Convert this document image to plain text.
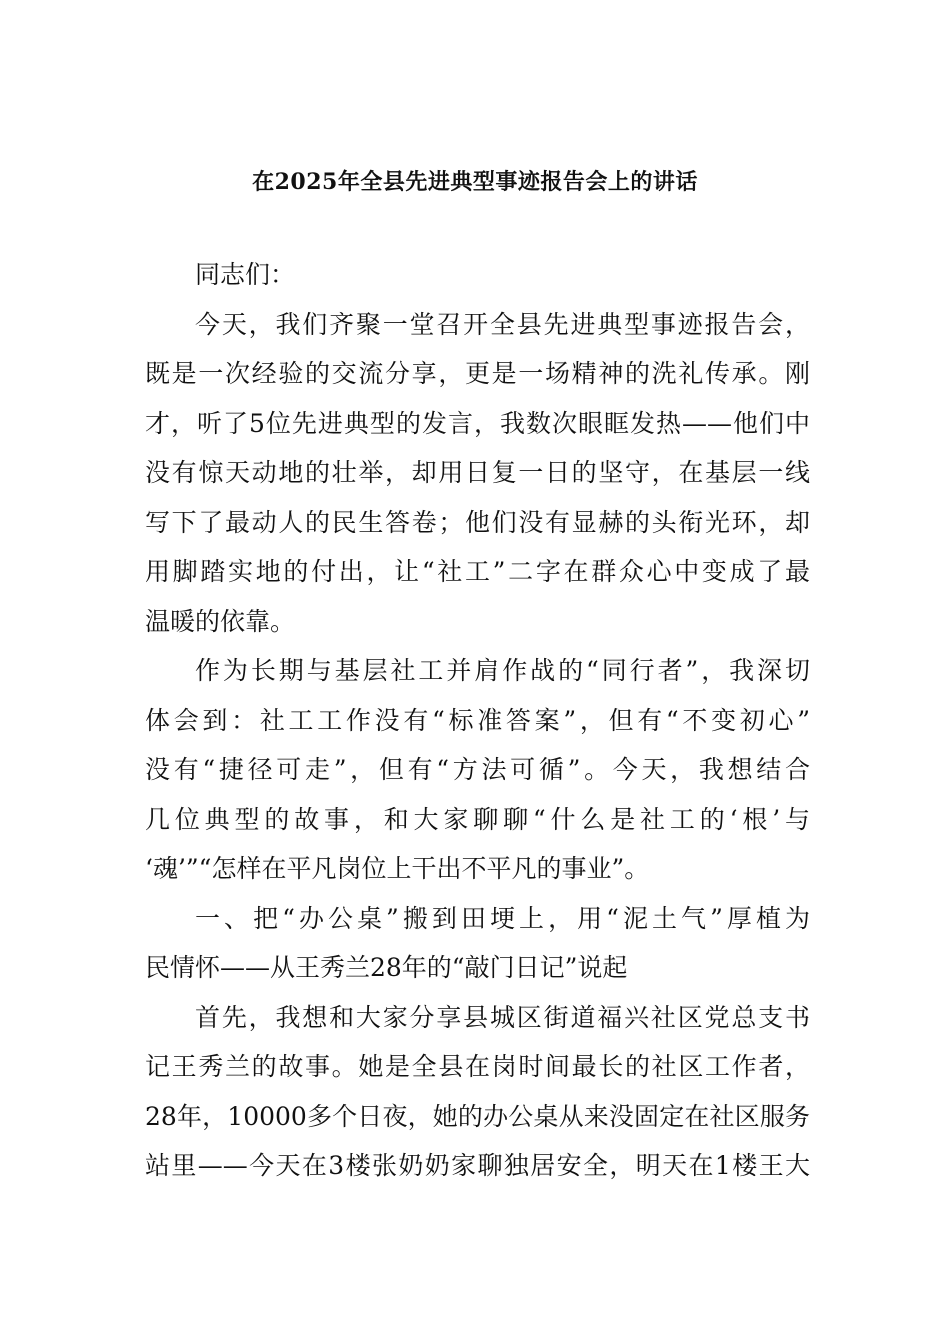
在2025年全县先进典型事迹报告会上的讲话
同志们：
今天，我们齐聚一堂召开全县先进典型事迹报告会，
既是一次经验的交流分享，更是一场精神的洗礼传承。刚
才，听了5位先进典型的发言，我数次眼眶发热——他们中
没有惊天动地的壮举，却用日复一日的坚守，在基层一线
写下了最动人的民生答卷；他们没有显赫的头衔光环，却
用脚踏实地的付出，让“社工”二字在群众心中变成了最
温暖的依靠。
作为长期与基层社工并肩作战的“同行者”，我深切
体会到：社工工作没有“标准答案”，但有“不变初心”
没有“捷径可走”，但有“方法可循”。今天，我想结合
几位典型的故事，和大家聊聊“什么是社工的‘根’与
‘魂’”“怎样在平凡岗位上干出不平凡的事业”。
一、把“办公桌”搬到田埂上，用“泥土气”厚植为
民情怀——从王秀兰28年的“敲门日记”说起
首先，我想和大家分享县城区街道福兴社区党总支书
记王秀兰的故事。她是全县在岗时间最长的社区工作者，
28年，10000多个日夜，她的办公桌从来没固定在社区服务
站里——今天在3楼张奶奶家聊独居安全，明天在1楼王大
